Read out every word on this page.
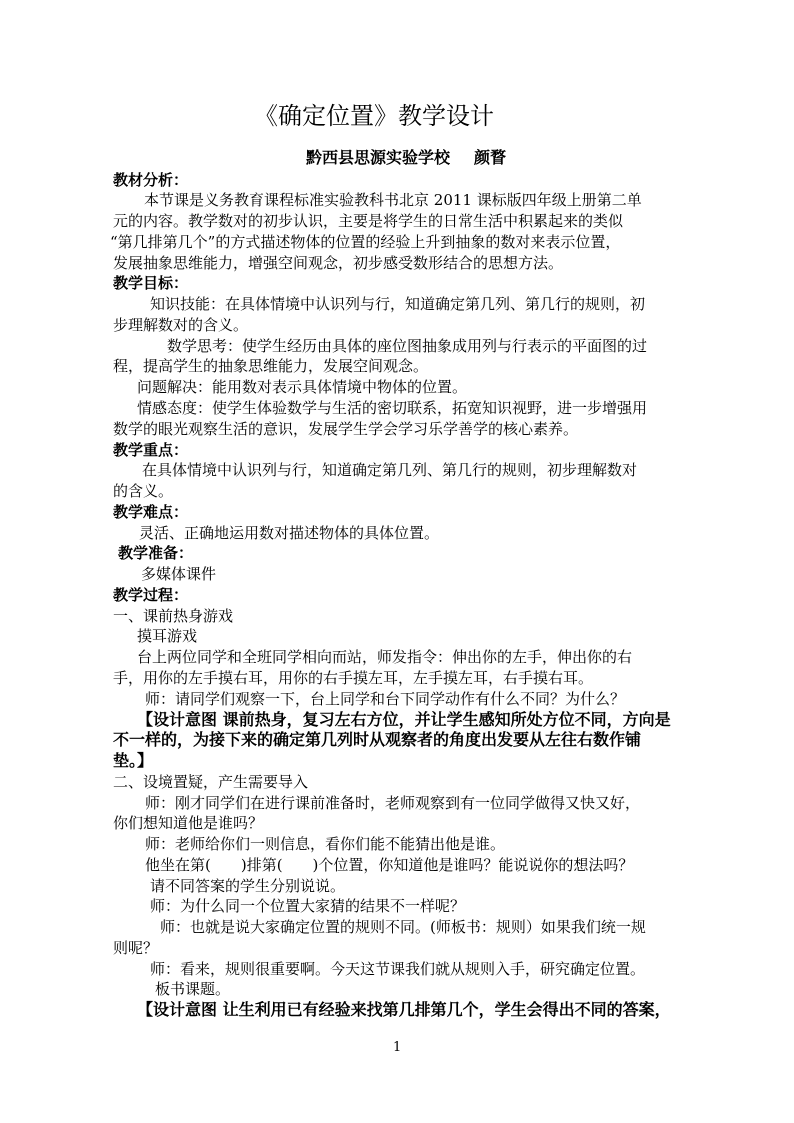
《确定位置》教学设计
黔西县思源实验学校 颜瞀

教材分析：

本节课是义务教育课程标准实验教科书北京 2011 课标版四年级上册第二单

元的内容。教学数对的初步认识，主要是将学生的日常生活中积累起来的类似

“第几排第几个”的方式描述物体的位置的经验上升到抽象的数对来表示位置，

发展抽象思维能力，增强空间观念，初步感受数形结合的思想方法。

教学目标：

知识技能：在具体情境中认识列与行，知道确定第几列、第几行的规则，初

步理解数对的含义。

数学思考：使学生经历由具体的座位图抽象成用列与行表示的平面图的过

程，提高学生的抽象思维能力，发展空间观念。

问题解决：能用数对表示具体情境中物体的位置。

情感态度：使学生体验数学与生活的密切联系，拓宽知识视野，进一步增强用

数学的眼光观察生活的意识，发展学生学会学习乐学善学的核心素养。

教学重点：

在具体情境中认识列与行，知道确定第几列、第几行的规则，初步理解数对

的含义。

教学难点：

灵活、正确地运用数对描述物体的具体位置。

教学准备：

多媒体课件

教学过程：

一、课前热身游戏

摸耳游戏

台上两位同学和全班同学相向而站，师发指令：伸出你的左手，伸出你的右

手，用你的左手摸右耳，用你的右手摸左耳，左手摸左耳，右手摸右耳。

师：请同学们观察一下，台上同学和台下同学动作有什么不同？为什么？

【设计意图 课前热身，复习左右方位，并让学生感知所处方位不同，方向是

不一样的，为接下来的确定第几列时从观察者的角度出发要从左往右数作铺

垫。】

二、设境置疑，产生需要导入

师：刚才同学们在进行课前准备时，老师观察到有一位同学做得又快又好，

你们想知道他是谁吗？

师：老师给你们一则信息，看你们能不能猜出他是谁。

他坐在第(　　)排第(　　)个位置，你知道他是谁吗？能说说你的想法吗？

请不同答案的学生分别说说。

师：为什么同一个位置大家猜的结果不一样呢？

师：也就是说大家确定位置的规则不同。(师板书：规则）如果我们统一规

则呢？

师：看来，规则很重要啊。今天这节课我们就从规则入手，研究确定位置。

板书课题。

【设计意图 让生利用已有经验来找第几排第几个，学生会得出不同的答案，

1
